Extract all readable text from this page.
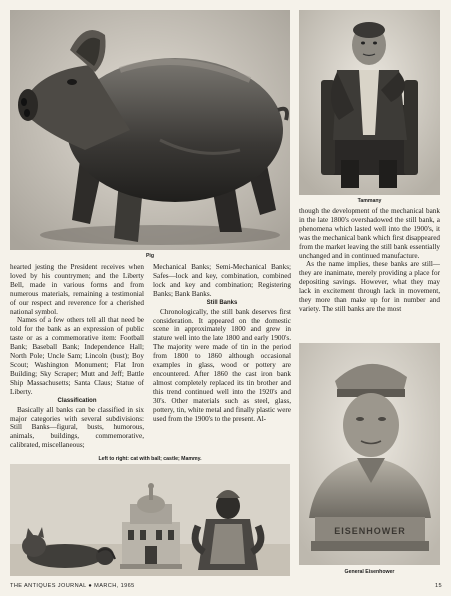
Pig
Tammany

hearted jesting the President receives when loved by his countrymen; and the Liberty Bell, made in various forms and from numerous materials, remaining a testimonial of our respect and reverence for a cherished national symbol.

Names of a few others tell all that need be told for the bank as an expression of public taste or as a commemorative item: Football Bank; Baseball Bank; Independence Hall; North Pole; Uncle Sam; Lincoln (bust); Boy Scout; Washington Monument; Flat Iron Building; Sky Scraper; Mutt and Jeff; Battle Ship Massachusetts; Santa Claus; Statue of Liberty.

Classification

Basically all banks can be classified in six major categories with several subdivisions: Still Banks—figural, busts, humorous, animals, buildings, commemorative, calibrated, miscellaneous;

Mechanical Banks; Semi-Mechanical Banks; Safes—lock and key, combination, combined lock and key and combination; Registering Banks; Bank Banks.

Still Banks

Chronologically, the still bank deserves first consideration. It appeared on the domestic scene in approximately 1800 and grew in stature well into the late 1800 and early 1900's. The majority were made of tin in the period from 1800 to 1860 although occasional examples in glass, wood or pottery are encountered. After 1860 the cast iron bank almost completely replaced its tin brother and this trend continued well into the 1920's and 30's. Other materials such as steel, glass, pottery, tin, white metal and finally plastic were used from the 1900's to the present. Al-

though the development of the mechanical bank in the late 1800's overshadowed the still bank, a phenomena which lasted well into the 1900's, it was the mechanical bank which first disappeared from the market leaving the still bank essentially unchanged and in continued manufacture.

As the name implies, these banks are still—they are inanimate, merely providing a place for depositing savings. However, what they may lack in excitement through lack in movement, they more than make up for in number and variety. The still banks are the most

Left to right: cat with ball; castle; Mammy.
EISENHOWER
General Eisenhower
THE ANTIQUES JOURNAL ● MARCH, 1965	15
